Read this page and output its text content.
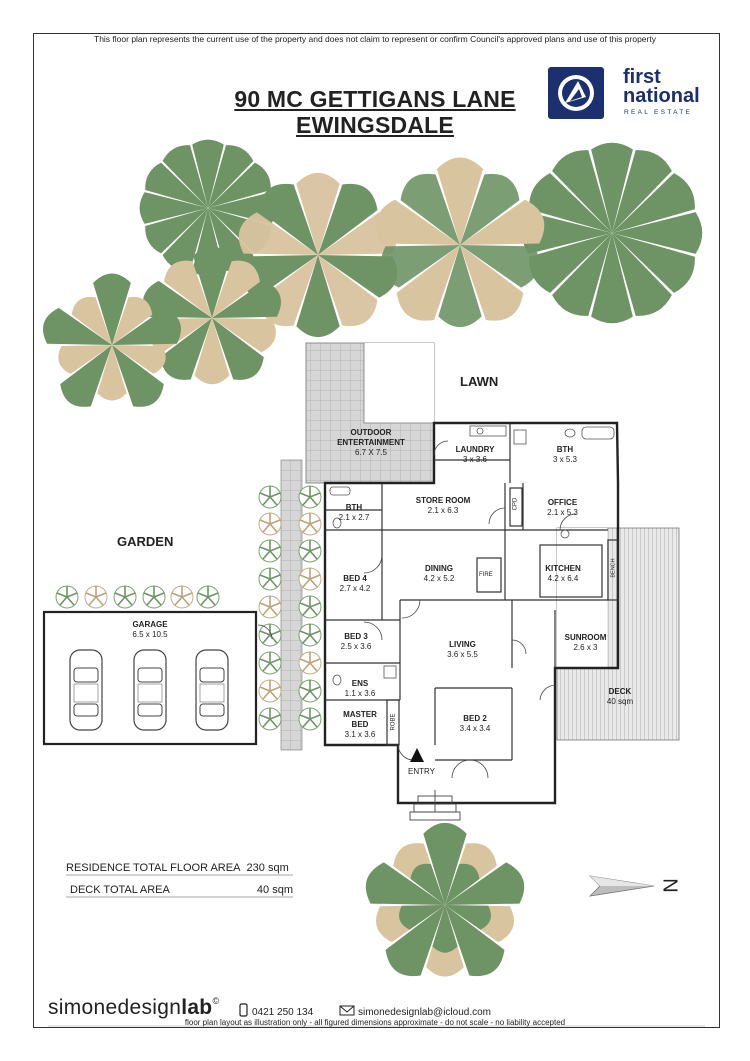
This floor plan represents the current use of the property and does not claim to represent or confirm Council's approved plans and use of this property
90 MC GETTIGANS LANE
EWINGSDALE
first
national
REAL ESTATE
LAWN
GARDEN
OUTDOOR
ENTERTAINMENT
6.7 X 7.5	LAUNDRY
3 x 3.6
BTH
3 x 5.3
BTH
2.1 x 2.7
STORE ROOM
2.1 x 6.3
OFFICE
2.1 x 5.3
BED 4
2.7 x 4.2
DINING
4.2 x 5.2
KITCHEN
4.2 x 6.4
GARAGE
6.5 x 10.5	BED 3
2.5 x 3.6	LIVING
3.6 x 5.5
SUNROOM
2.6 x 3
ENS
1.1 x 3.6
MASTER
BED
3.1 x 3.6
BED 2
3.4 x 3.4
DECK
40 sqm
FIRE
CPD
ROBE
BENCH
ENTRY
RESIDENCE TOTAL FLOOR AREA 230 sqm
DECK TOTAL AREA	40 sqm	N
simonedesignlab©
0421 250 134	simonedesignlab@icloud.com
floor plan layout as illustration only - all figured dimensions approximate - do not scale - no liability accepted
